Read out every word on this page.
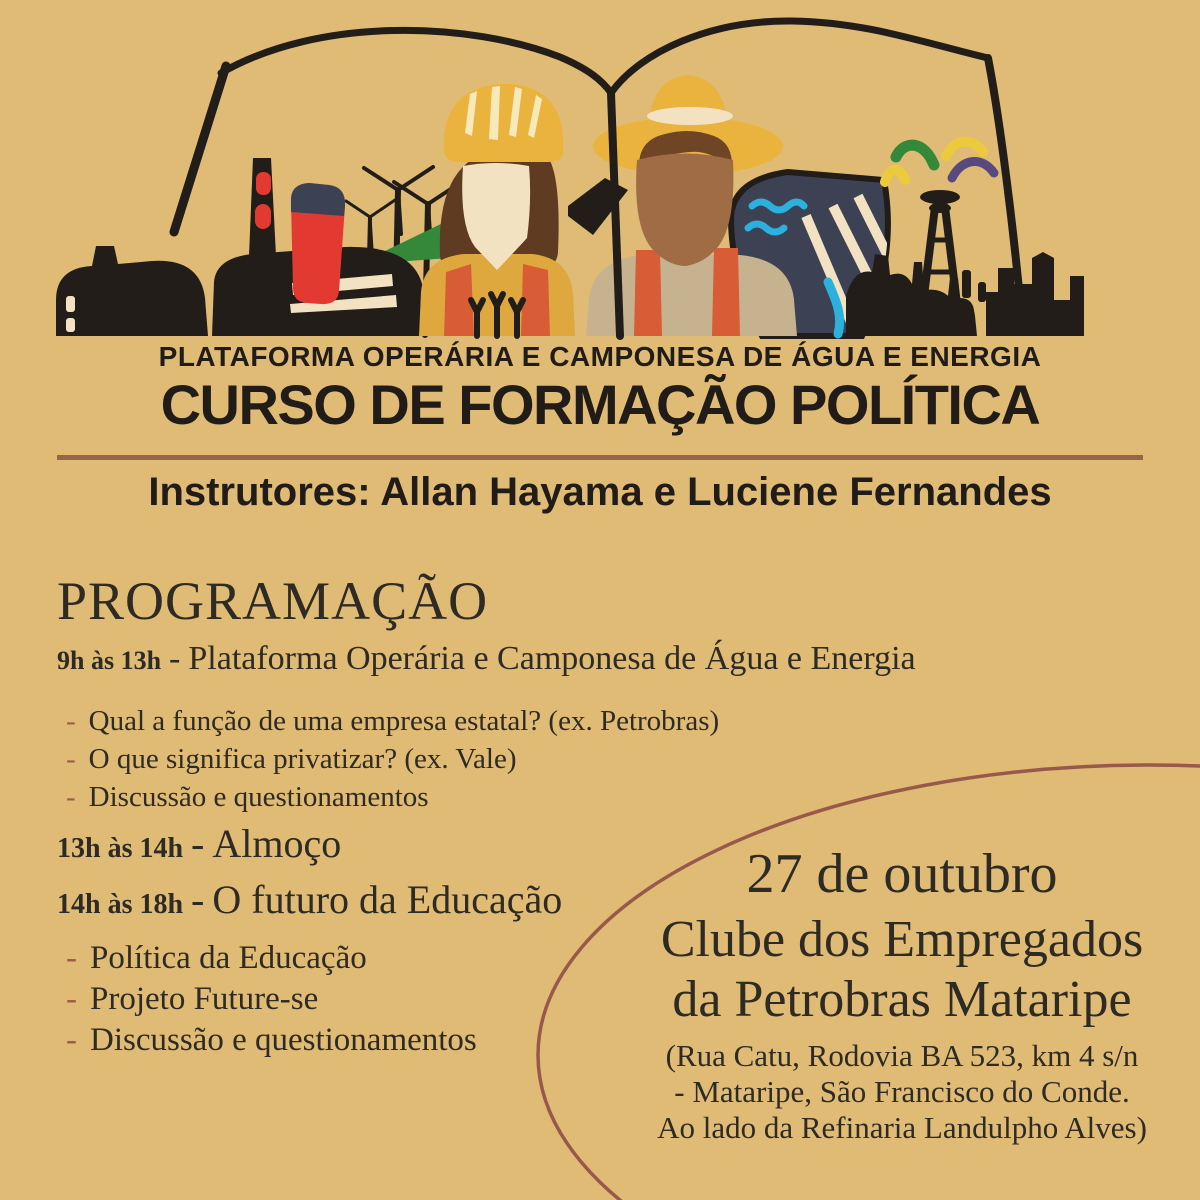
PLATAFORMA OPERÁRIA E CAMPONESA DE ÁGUA E ENERGIA
CURSO DE FORMAÇÃO POLÍTICA
Instrutores: Allan Hayama e Luciene Fernandes
PROGRAMAÇÃO
9h às 13h - Plataforma Operária e Camponesa de Água e Energia
- Qual a função de uma empresa estatal? (ex. Petrobras)
- O que significa privatizar? (ex. Vale)
- Discussão e questionamentos
13h às 14h - Almoço
14h às 18h - O futuro da Educação
- Política da Educação
- Projeto Future-se
- Discussão e questionamentos
27 de outubro
Clube dos Empregados
da Petrobras Mataripe
(Rua Catu, Rodovia BA 523, km 4 s/n
- Mataripe, São Francisco do Conde.
Ao lado da Refinaria Landulpho Alves)
